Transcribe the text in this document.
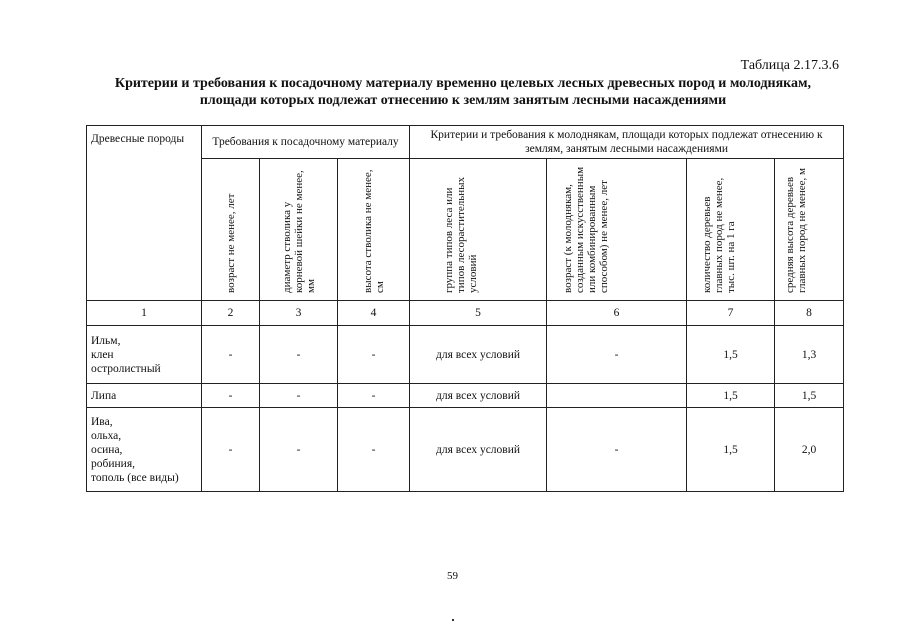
Таблица 2.17.3.6
Критерии и требования к посадочному материалу временно целевых лесных древесных пород и молоднякам,
площади которых подлежат отнесению к землям занятым лесными насаждениями
Древесные породы	Требования к посадочному материалу			Критерии и требования к молоднякам, площади которых подлежат отнесению к землям, занятым лесными насаждениями			

	возраст не менее, лет	диаметр стволика у корневой шейки не менее, мм	высота стволика не менее, см	группа типов леса или типов лесорастительных условий	возраст (к молоднякам, созданным искусственным или комбинированным способом) не менее, лет	количество деревьев главных пород не менее, тыс. шт. на 1 га	средняя высота деревьев главных пород не менее, м

1	2	3	4	5	6	7	8

Ильм,
клен
остролистный	-	-	-	для всех условий	-	1,5	1,3

Липа	-	-	-	для всех условий		1,5	1,5

Ива,
ольха,
осина,
робиния,
тополь (все виды)	-	-	-	для всех условий	-	1,5	2,0
59
